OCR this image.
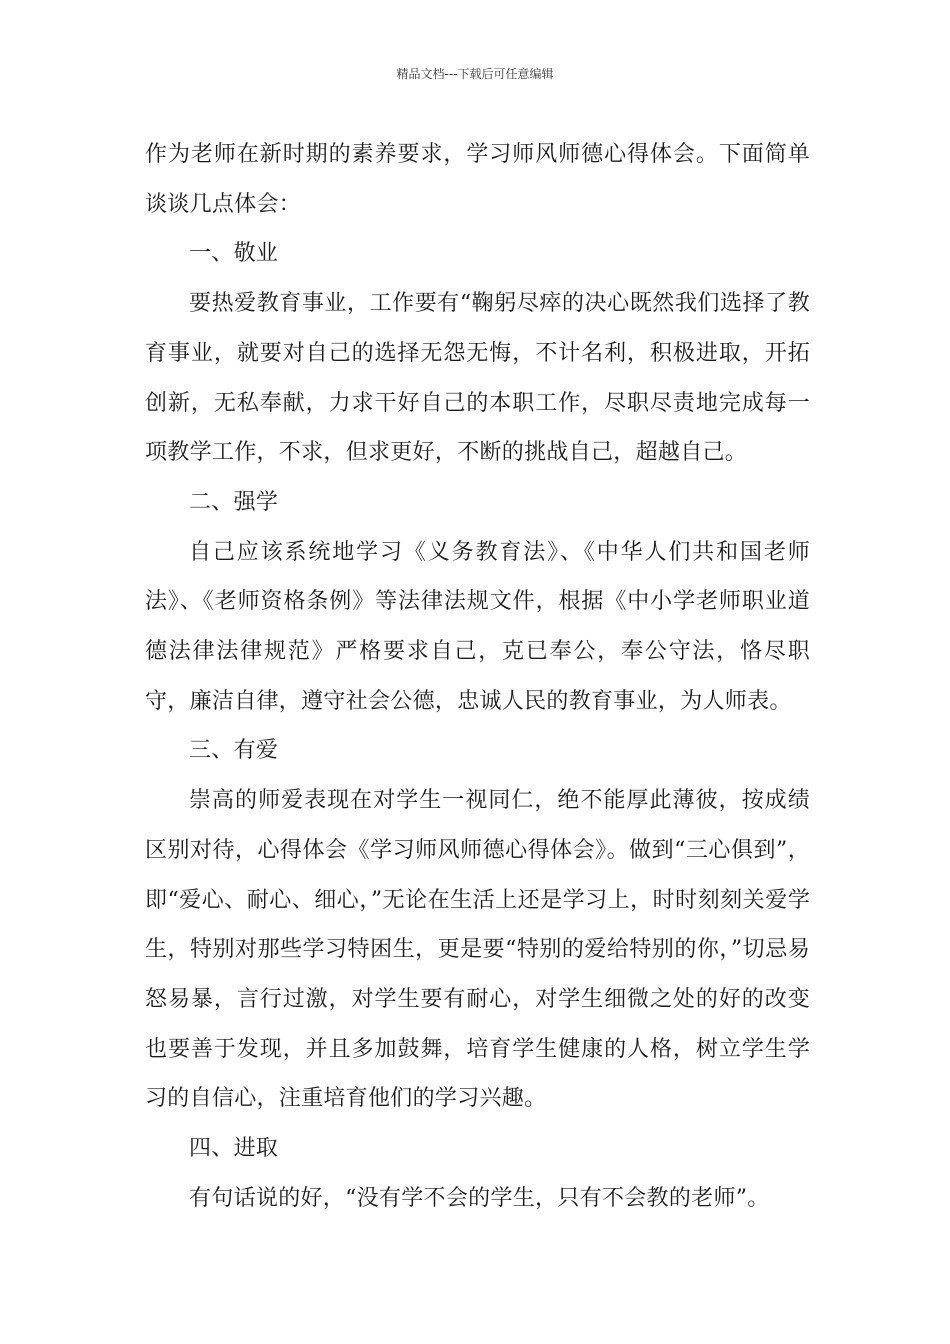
精品文档---下载后可任意编辑

作为老师在新时期的素养要求，学习师风师德心得体会。下面简单谈谈几点体会：

一、敬业

要热爱教育事业，工作要有“鞠躬尽瘁的决心既然我们选择了教育事业，就要对自己的选择无怨无悔，不计名利，积极进取，开拓创新，无私奉献，力求干好自己的本职工作，尽职尽责地完成每一项教学工作，不求，但求更好，不断的挑战自己，超越自己。

二、强学

自己应该系统地学习《义务教育法》、《中华人们共和国老师法》、《老师资格条例》等法律法规文件，根据《中小学老师职业道德法律法律规范》严格要求自己，克已奉公，奉公守法，恪尽职守，廉洁自律，遵守社会公德，忠诚人民的教育事业，为人师表。

三、有爱

崇高的师爱表现在对学生一视同仁，绝不能厚此薄彼，按成绩区别对待，心得体会《学习师风师德心得体会》。做到“三心俱到”，即“爱心、耐心、细心，”无论在生活上还是学习上，时时刻刻关爱学生，特别对那些学习特困生，更是要“特别的爱给特别的你，”切忌易怒易暴，言行过激，对学生要有耐心，对学生细微之处的好的改变也要善于发现，并且多加鼓舞，培育学生健康的人格，树立学生学习的自信心，注重培育他们的学习兴趣。

四、进取

有句话说的好，“没有学不会的学生，只有不会教的老师”。
